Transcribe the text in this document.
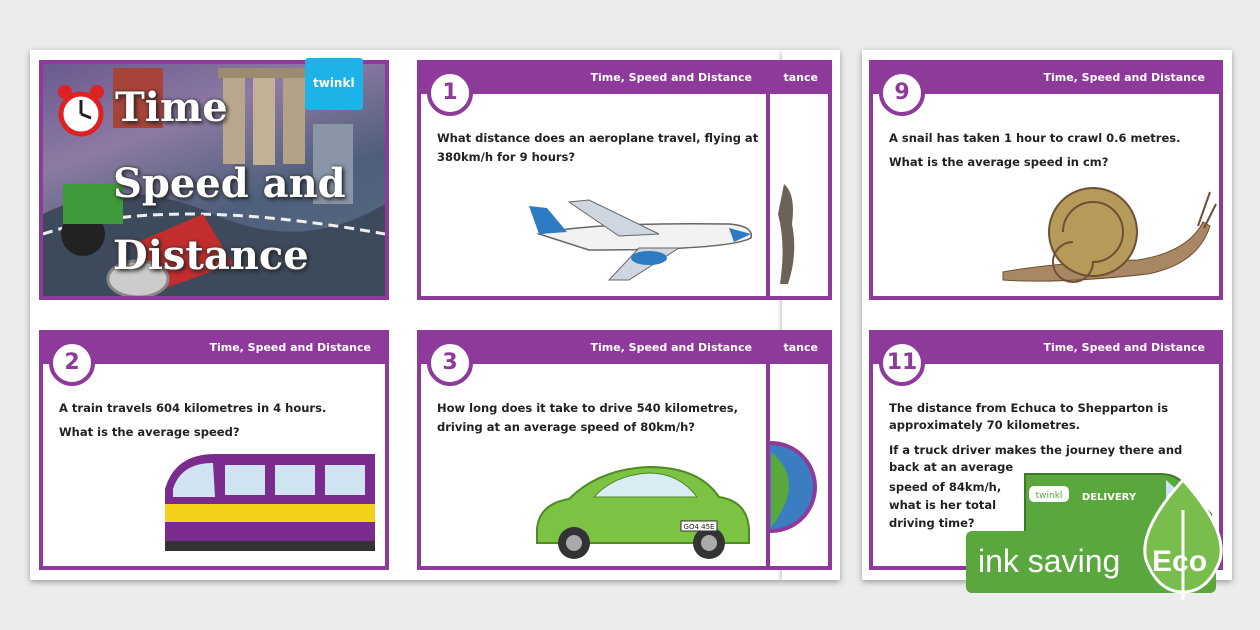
tance
tance
Time
Speed and
Distance
twinkl	Time, Speed and Distance
1
What distance does an aeroplane travel, flying at
380km/h for 9 hours?
Time, Speed and Distance
2
A train travels 604 kilometres in 4 hours.
What is the average speed?
Time, Speed and Distance
3
How long does it take to drive 540 kilometres,
driving at an average speed of 80km/h?
GO4 45E
Time, Speed and Distance
9
A snail has taken 1 hour to crawl 0.6 metres.
What is the average speed in cm?
Time, Speed and Distance
11
The distance from Echuca to Shepparton is
approximately 70 kilometres.
If a truck driver makes the journey there and
back at an average
speed of 84km/h,
what is her total
driving time?
twinkl DELIVERY
ink saving Eco
